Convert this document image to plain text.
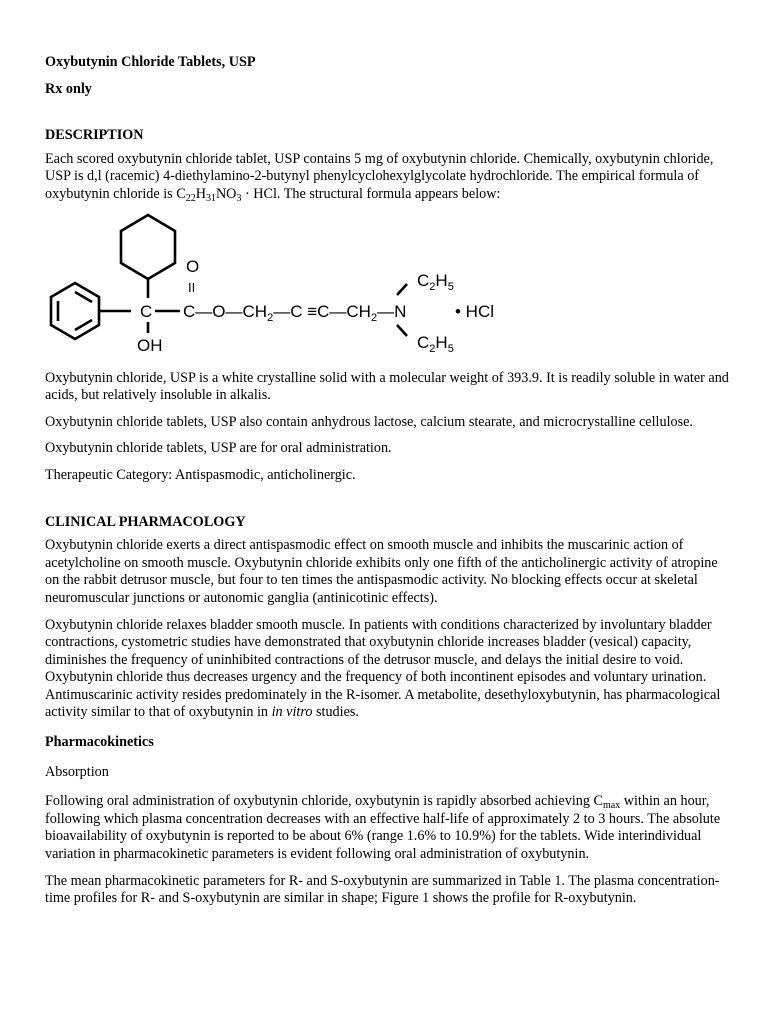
Oxybutynin Chloride Tablets, USP

Rx only

DESCRIPTION

Each scored oxybutynin chloride tablet, USP contains 5 mg of oxybutynin chloride. Chemically, oxybutynin chloride, USP is d,l (racemic) 4-diethylamino-2-butynyl phenylcyclohexylglycolate hydrochloride. The empirical formula of oxybutynin chloride is $C_{22}H_{31}NO_3$ · HCl. The structural formula appears below:

C
OH
O
II
$C—O—CH_2—C$ $\equiv C—CH_2—N$
$C_2H_5$
$C_2H_5$
• HCl

Oxybutynin chloride, USP is a white crystalline solid with a molecular weight of 393.9. It is readily soluble in water and acids, but relatively insoluble in alkalis.

Oxybutynin chloride tablets, USP also contain anhydrous lactose, calcium stearate, and microcrystalline cellulose.

Oxybutynin chloride tablets, USP are for oral administration.

Therapeutic Category: Antispasmodic, anticholinergic.

CLINICAL PHARMACOLOGY

Oxybutynin chloride exerts a direct antispasmodic effect on smooth muscle and inhibits the muscarinic action of acetylcholine on smooth muscle. Oxybutynin chloride exhibits only one fifth of the anticholinergic activity of atropine on the rabbit detrusor muscle, but four to ten times the antispasmodic activity. No blocking effects occur at skeletal neuromuscular junctions or autonomic ganglia (antinicotinic effects).

Oxybutynin chloride relaxes bladder smooth muscle. In patients with conditions characterized by involuntary bladder contractions, cystometric studies have demonstrated that oxybutynin chloride increases bladder (vesical) capacity, diminishes the frequency of uninhibited contractions of the detrusor muscle, and delays the initial desire to void. Oxybutynin chloride thus decreases urgency and the frequency of both incontinent episodes and voluntary urination. Antimuscarinic activity resides predominately in the R-isomer. A metabolite, desethyloxybutynin, has pharmacological activity similar to that of oxybutynin in in vitro studies.

Pharmacokinetics

Absorption

Following oral administration of oxybutynin chloride, oxybutynin is rapidly absorbed achieving $C_{max}$ within an hour, following which plasma concentration decreases with an effective half-life of approximately 2 to 3 hours. The absolute bioavailability of oxybutynin is reported to be about 6% (range 1.6% to 10.9%) for the tablets. Wide interindividual variation in pharmacokinetic parameters is evident following oral administration of oxybutynin.

The mean pharmacokinetic parameters for R- and S-oxybutynin are summarized in Table 1. The plasma concentration-time profiles for R- and S-oxybutynin are similar in shape; Figure 1 shows the profile for R-oxybutynin.
